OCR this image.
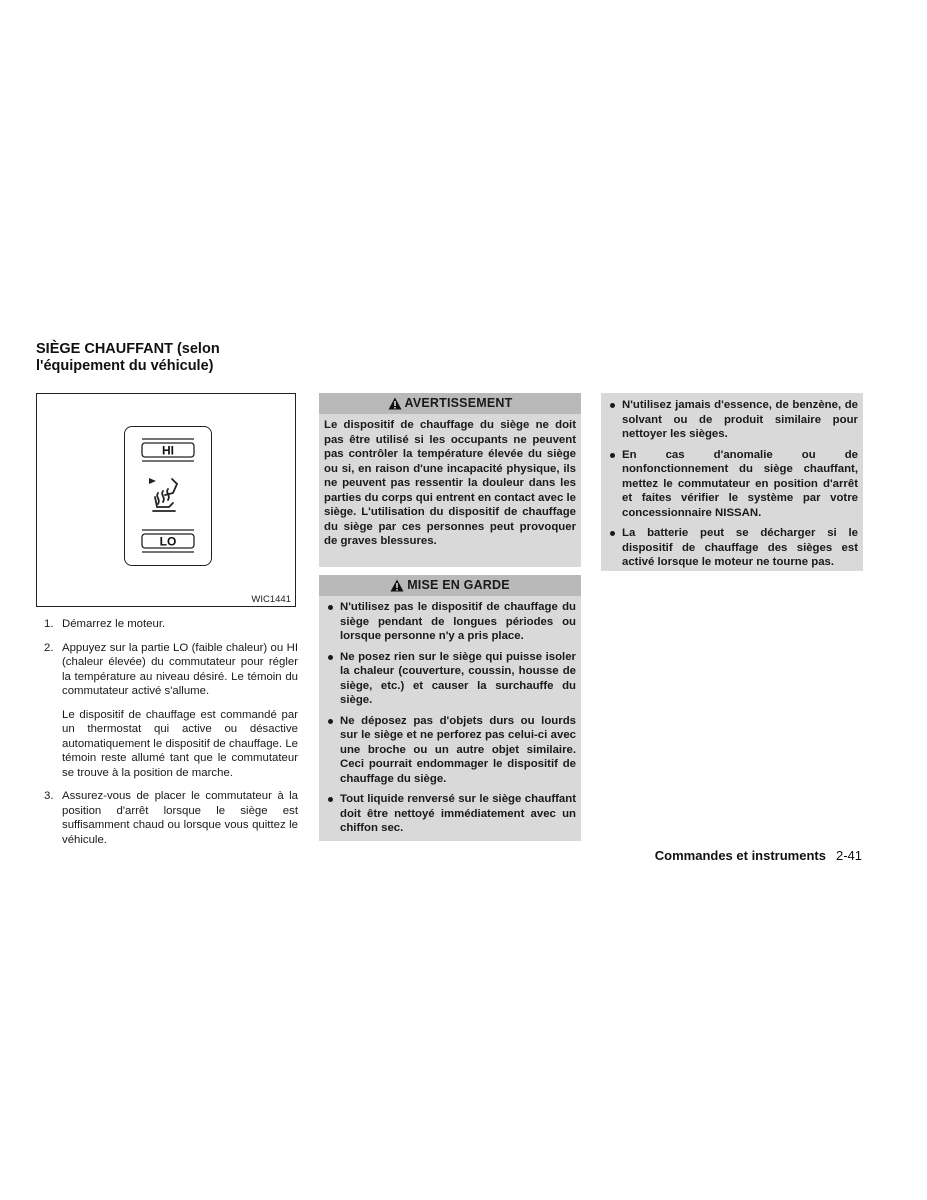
SIÈGE CHAUFFANT (selon
l'équipement du véhicule)
HI
LO
WIC1441
1. Démarrez le moteur.

2. Appuyez sur la partie LO (faible chaleur) ou HI (chaleur élevée) du commutateur pour régler la température au niveau désiré. Le témoin du commutateur activé s'allume.

Le dispositif de chauffage est commandé par un thermostat qui active ou désactive automatiquement le dispositif de chauffage. Le témoin reste allumé tant que le commutateur se trouve à la position de marche.

3. Assurez-vous de placer le commutateur à la position d'arrêt lorsque le siège est suffisamment chaud ou lorsque vous quittez le véhicule.

AVERTISSEMENT
Le dispositif de chauffage du siège ne doit pas être utilisé si les occupants ne peuvent pas contrôler la température élevée du siège ou si, en raison d'une incapacité physique, ils ne peuvent pas ressentir la douleur dans les parties du corps qui entrent en contact avec le siège. L'utilisation du dispositif de chauffage du siège par ces personnes peut provoquer de graves blessures.
MISE EN GARDE
N'utilisez pas le dispositif de chauffage du siège pendant de longues périodes ou lorsque personne n'y a pris place.
Ne posez rien sur le siège qui puisse isoler la chaleur (couverture, coussin, housse de siège, etc.) et causer la surchauffe du siège.
Ne déposez pas d'objets durs ou lourds sur le siège et ne perforez pas celui-ci avec une broche ou un autre objet similaire. Ceci pourrait endommager le dispositif de chauffage du siège.
Tout liquide renversé sur le siège chauffant doit être nettoyé immédiatement avec un chiffon sec.
N'utilisez jamais d'essence, de benzène, de solvant ou de produit similaire pour nettoyer les sièges.
En cas d'anomalie ou de nonfonctionnement du siège chauffant, mettez le commutateur en position d'arrêt et faites vérifier le système par votre concessionnaire NISSAN.
La batterie peut se décharger si le dispositif de chauffage des sièges est activé lorsque le moteur ne tourne pas.
Commandes et instruments 2-41
